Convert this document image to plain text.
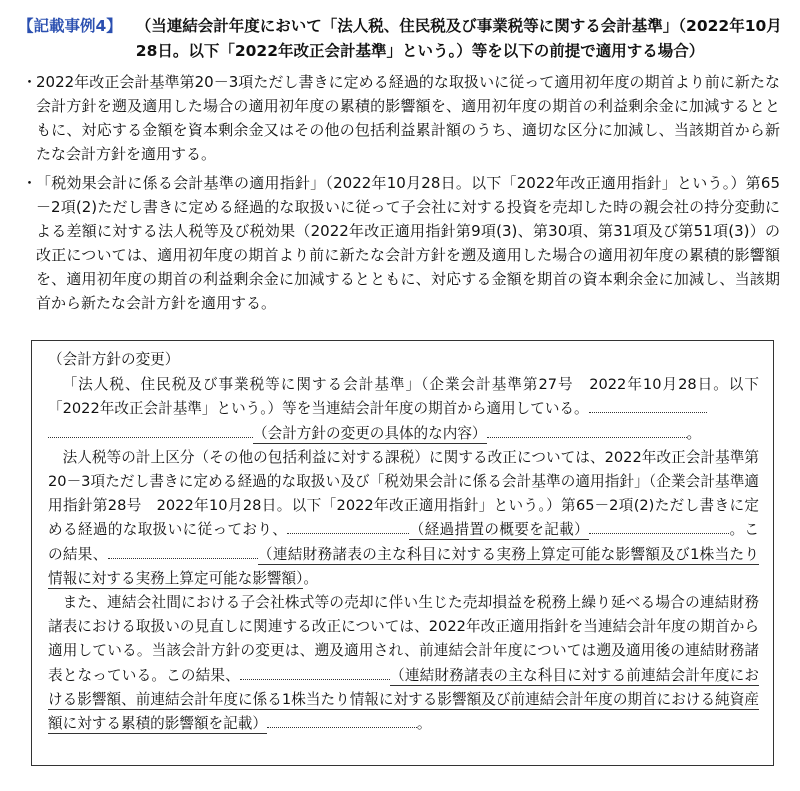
【記載事例4】 （当連結会計年度において「法人税、住民税及び事業税等に関する会計基準」（2022年10月28日。以下「2022年改正会計基準」という。）等を以下の前提で適用する場合）
・
2022年改正会計基準第20－3項ただし書きに定める経過的な取扱いに従って適用初年度の期首より前に新たな会計方針を遡及適用した場合の適用初年度の累積的影響額を、適用初年度の期首の利益剰余金に加減するとともに、対応する金額を資本剰余金又はその他の包括利益累計額のうち、適切な区分に加減し、当該期首から新たな会計方針を適用する。
・
「税効果会計に係る会計基準の適用指針」（2022年10月28日。以下「2022年改正適用指針」という。）第65－2項(2)ただし書きに定める経過的な取扱いに従って子会社に対する投資を売却した時の親会社の持分変動による差額に対する法人税等及び税効果（2022年改正適用指針第9項(3)、第30項、第31項及び第51項(3)）の改正については、適用初年度の期首より前に新たな会計方針を遡及適用した場合の適用初年度の累積的影響額を、適用初年度の期首の利益剰余金に加減するとともに、対応する金額を期首の資本剰余金に加減し、当該期首から新たな会計方針を適用する。

（会計方針の変更）

「法人税、住民税及び事業税等に関する会計基準」（企業会計基準第27号　2022年10月28日。以下「2022年改正会計基準」という。）等を当連結会計年度の期首から適用している。
（会計方針の変更の具体的な内容）	。

法人税等の計上区分（その他の包括利益に対する課税）に関する改正については、2022年改正会計基準第20－3項ただし書きに定める経過的な取扱い及び「税効果会計に係る会計基準の適用指針」（企業会計基準適用指針第28号　2022年10月28日。以下「2022年改正適用指針」という。）第65－2項(2)ただし書きに定める経過的な取扱いに従っており、	（経過措置の概要を記載）	。この結果、	（連結財務諸表の主な科目に対する実務上算定可能な影響額及び1株当たり情報に対する実務上算定可能な影響額）。

また、連結会社間における子会社株式等の売却に伴い生じた売却損益を税務上繰り延べる場合の連結財務諸表における取扱いの見直しに関連する改正については、2022年改正適用指針を当連結会計年度の期首から適用している。当該会計方針の変更は、遡及適用され、前連結会計年度については遡及適用後の連結財務諸表となっている。この結果、	（連結財務諸表の主な科目に対する前連結会計年度における影響額、前連結会計年度に係る1株当たり情報に対する影響額及び前連結会計年度の期首における純資産額に対する累積的影響額を記載）	。
